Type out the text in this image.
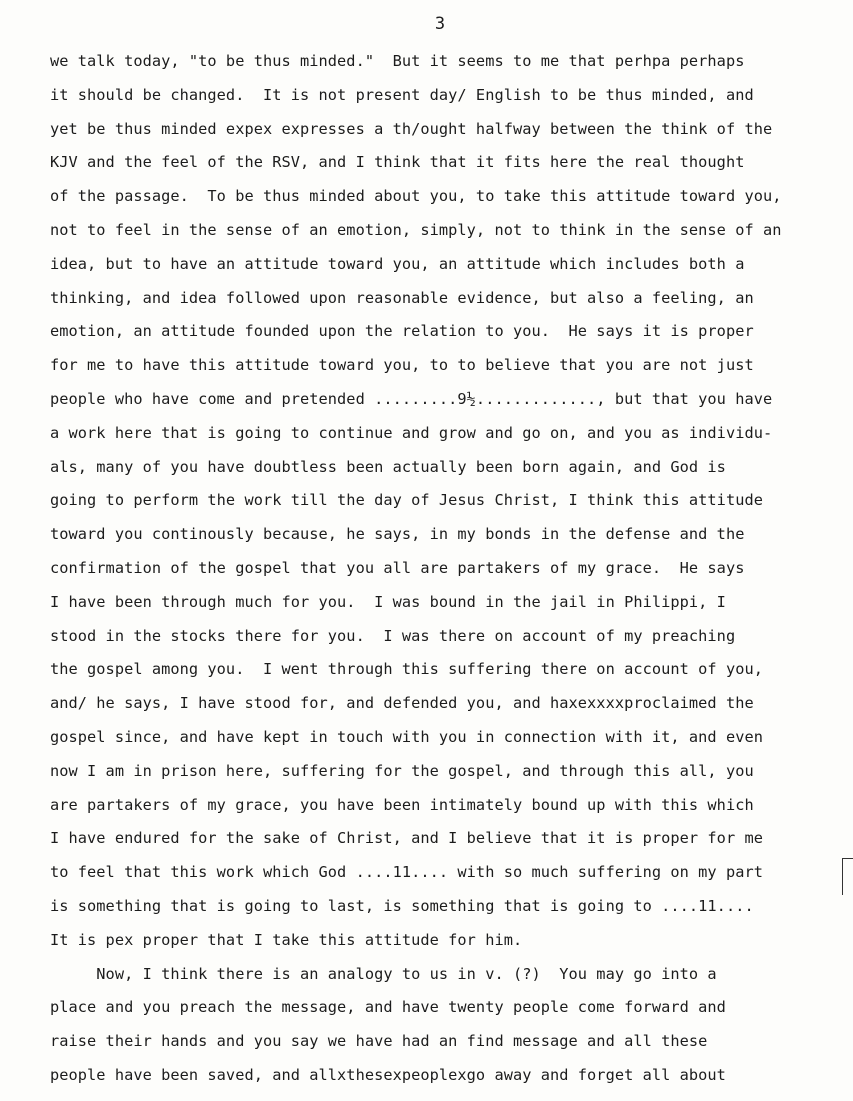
3
we talk today, "to be thus minded."  But it seems to me that perhpa perhaps
it should be changed.  It is not present day/ English to be thus minded, and
yet be thus minded expex expresses a th/ought halfway between the think of the
KJV and the feel of the RSV, and I think that it fits here the real thought
of the passage.  To be thus minded about you, to take this attitude toward you,
not to feel in the sense of an emotion, simply, not to think in the sense of an
idea, but to have an attitude toward you, an attitude which includes both a
thinking, and idea followed upon reasonable evidence, but also a feeling, an
emotion, an attitude founded upon the relation to you.  He says it is proper
for me to have this attitude toward you, to to believe that you are not just
people who have come and pretended .........9½............., but that you have
a work here that is going to continue and grow and go on, and you as individu-
als, many of you have doubtless been actually been born again, and God is
going to perform the work till the day of Jesus Christ, I think this attitude
toward you continously because, he says, in my bonds in the defense and the
confirmation of the gospel that you all are partakers of my grace.  He says
I have been through much for you.  I was bound in the jail in Philippi, I
stood in the stocks there for you.  I was there on account of my preaching
the gospel among you.  I went through this suffering there on account of you,
and/ he says, I have stood for, and defended you, and haxexxxxproclaimed the
gospel since, and have kept in touch with you in connection with it, and even
now I am in prison here, suffering for the gospel, and through this all, you
are partakers of my grace, you have been intimately bound up with this which
I have endured for the sake of Christ, and I believe that it is proper for me
to feel that this work which God ....11.... with so much suffering on my part
is something that is going to last, is something that is going to ....11....
It is pex proper that I take this attitude for him.
Now, I think there is an analogy to us in v. (?)  You may go into a
place and you preach the message, and have twenty people come forward and
raise their hands and you say we have had an find message and all these
people have been saved, and allxthesexpeoplexgo away and forget all about
